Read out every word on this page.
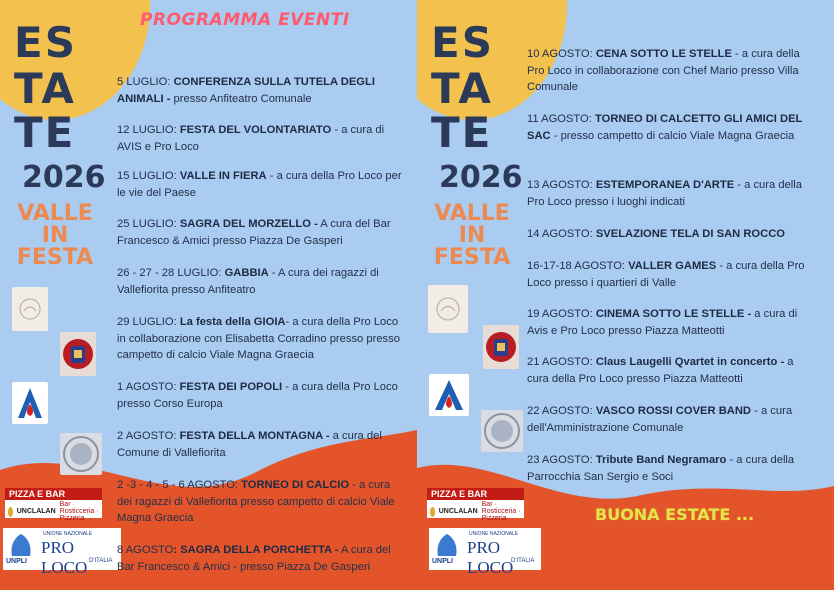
ES
TA
TE
2026
VALLE
IN
FESTA
PROGRAMMA EVENTI
PIZZA E BAR
UNCLALAN
Bar · Rosticceria · Pizzeria
UNPLI
UNIONE NAZIONALE
PRO LOCO D'ITALIA

5 LUGLIO: CONFERENZA SULLA TUTELA DEGLI ANIMALI - presso Anfiteatro Comunale

12 LUGLIO: FESTA DEL VOLONTARIATO - a cura di AVIS e Pro Loco

15 LUGLIO: VALLE IN FIERA - a cura della Pro Loco per le vie del Paese

25 LUGLIO: SAGRA DEL MORZELLO - A cura del Bar Francesco & Amici presso Piazza De Gasperi

26 - 27 - 28 LUGLIO: GABBIA - A cura dei ragazzi di Vallefiorita presso Anfiteatro

29 LUGLIO: La festa della GIOIA- a cura della Pro Loco in collaborazione con Elisabetta Corradino presso presso campetto di calcio Viale Magna Graecia

1 AGOSTO: FESTA DEI POPOLI - a cura della Pro Loco presso Corso Europa

2 AGOSTO: FESTA DELLA MONTAGNA - a cura del Comune di Vallefiorita

2 -3 - 4 - 5 - 6 AGOSTO: TORNEO DI CALCIO - a cura dei ragazzi di Vallefiorita presso campetto di calcio Viale Magna Graecia

8 AGOSTO: SAGRA DELLA PORCHETTA - A cura del Bar Francesco & Amici - presso Piazza De Gasperi

ES
TA
TE
2026
VALLE
IN
FESTA
PIZZA E BAR
UNCLALAN
Bar · Rosticceria · Pizzeria
UNPLI
UNIONE NAZIONALE
PRO LOCO
D'ITALIA

10 AGOSTO: CENA SOTTO LE STELLE - a cura della Pro Loco in collaborazione con Chef Mario presso Villa Comunale

11 AGOSTO: TORNEO DI CALCETTO GLI AMICI DEL SAC - presso campetto di calcio Viale Magna Graecia

13 AGOSTO: ESTEMPORANEA D'ARTE - a cura della Pro Loco presso i luoghi indicati

14 AGOSTO: SVELAZIONE TELA DI SAN ROCCO

16-17-18 AGOSTO: VALLER GAMES - a cura della Pro Loco presso i quartieri di Valle

19 AGOSTO: CINEMA SOTTO LE STELLE - a cura di Avis e Pro Loco presso Piazza Matteotti

21 AGOSTO: Claus Laugelli Qvartet in concerto - a cura della Pro Loco presso Piazza Matteotti

22 AGOSTO: VASCO ROSSI COVER BAND - a cura dell'Amministrazione Comunale

23 AGOSTO: Tribute Band Negramaro - a cura della Parrocchia San Sergio e Soci

BUONA ESTATE ...
